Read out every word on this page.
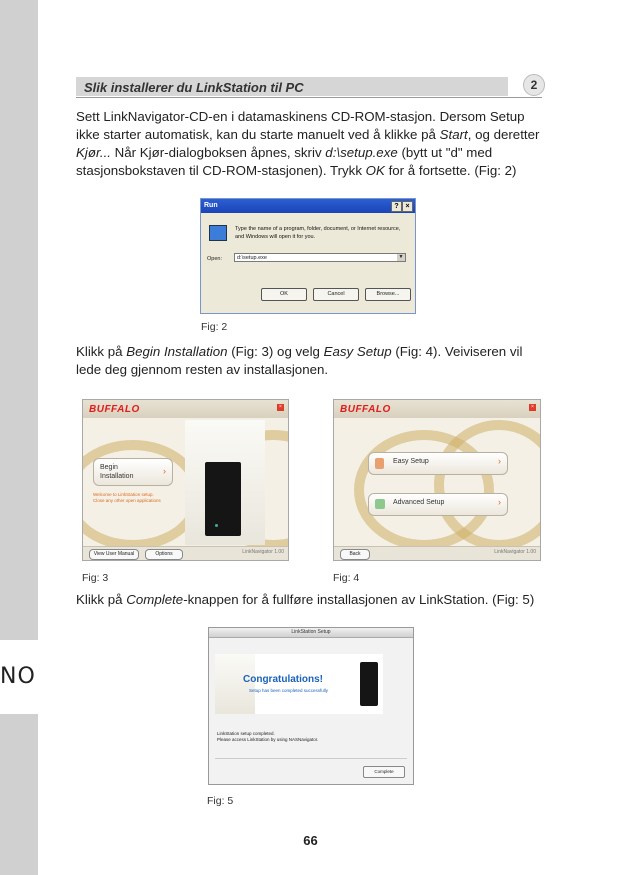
NO
Slik installerer du LinkStation til PC	2
Sett LinkNavigator-CD-en i datamaskinens CD-ROM-stasjon. Dersom Setup ikke starter automatisk, kan du starte manuelt ved å klikke på Start, og deretter Kjør... Når Kjør-dialogboksen åpnes, skriv d:\setup.exe (bytt ut "d" med stasjonsbokstaven til CD-ROM-stasjonen). Trykk OK for å fortsette. (Fig: 2)
Run	? ×
Type the name of a program, folder, document, or Internet resource, and Windows will open it for you.
Open:	d:\setup.exe	▼
OK	Cancel	Browse...
Fig: 2
Klikk på Begin Installation (Fig: 3) og velg Easy Setup (Fig: 4). Veiviseren vil lede deg gjennom resten av installasjonen.
BUFFALO	×
Begin
Installation
›
Welcome to LinkStation setup.
Close any other open applications
View User Manual	Options	LinkNavigator 1.00
Fig: 3
BUFFALO	×
Easy Setup	›
Advanced Setup	›
Back	LinkNavigator 1.00
Fig: 4
Klikk på Complete-knappen for å fullføre installasjonen av LinkStation. (Fig: 5)
LinkStation Setup
Congratulations!
Setup has been completed successfully
LinkStation setup completed.
Please access LinkStation by using NASNavigator.
Complete
Fig: 5
66
